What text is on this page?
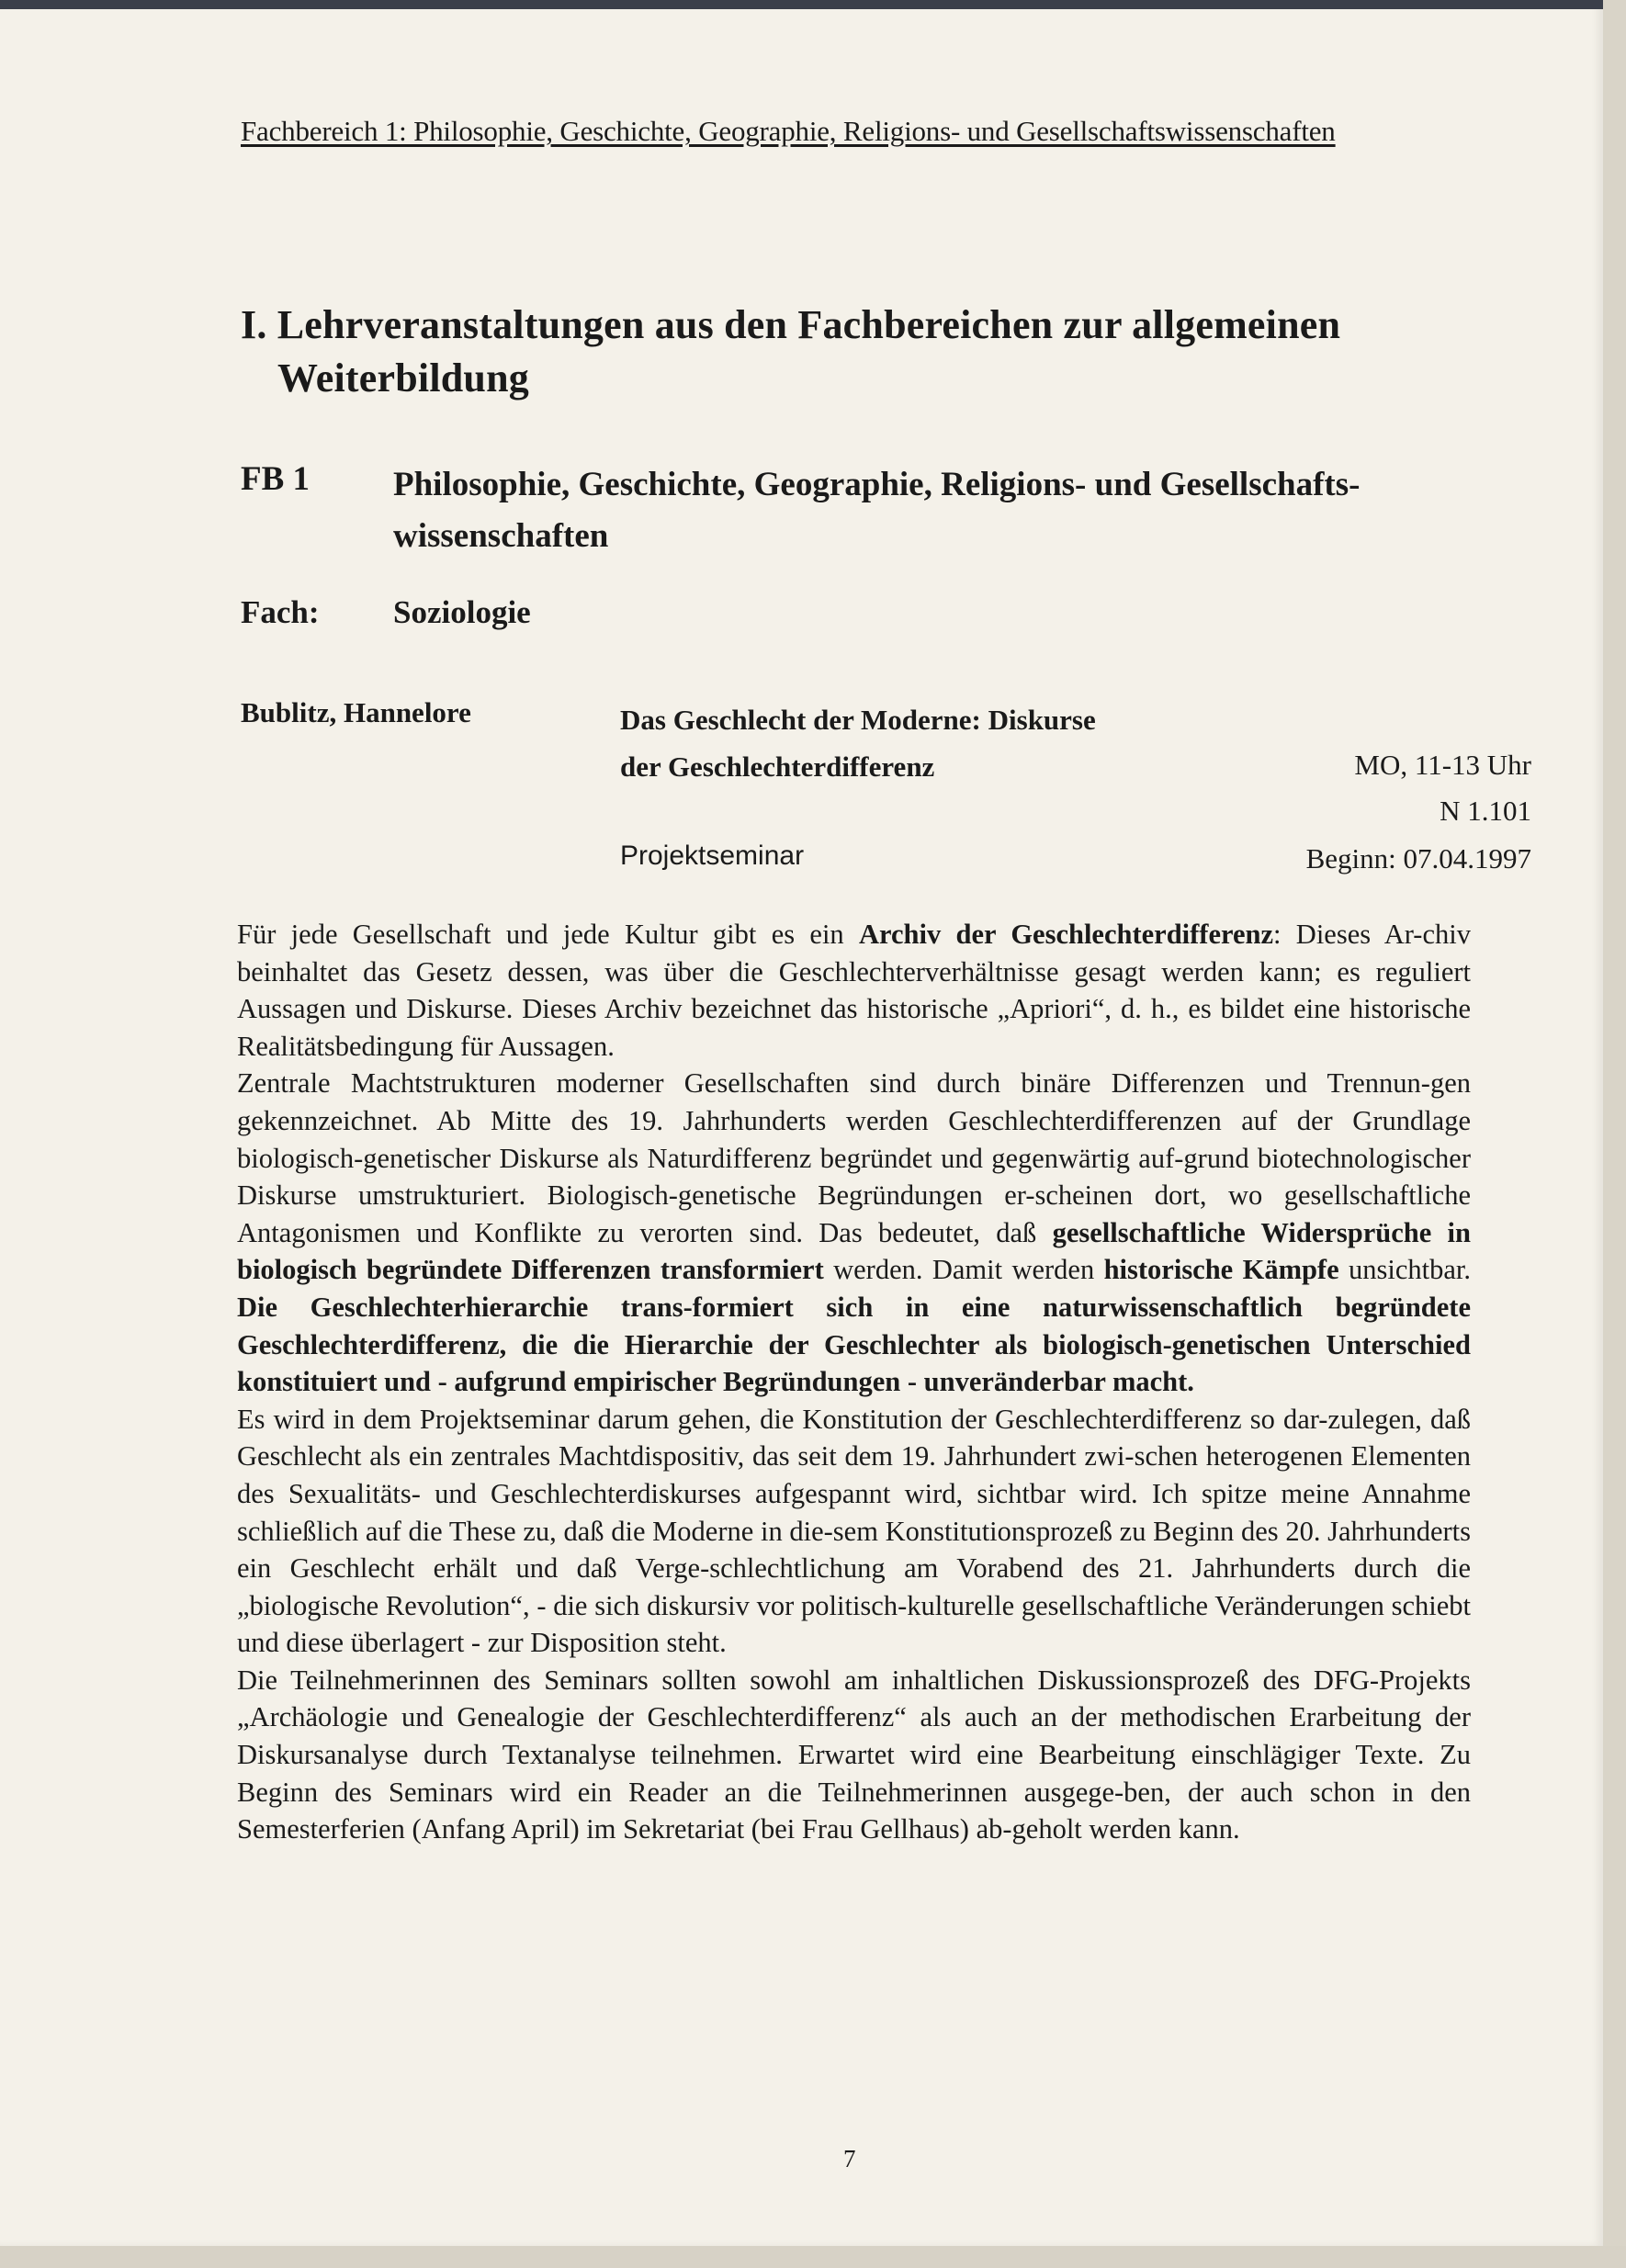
Fachbereich 1: Philosophie, Geschichte, Geographie, Religions- und Gesellschaftswissenschaften
I. Lehrveranstaltungen aus den Fachbereichen zur allgemeinen
Weiterbildung
FB 1 Philosophie, Geschichte, Geographie, Religions- und Gesellschafts-
wissenschaften
Fach: Soziologie
Bublitz, Hannelore	Das Geschlecht der Moderne: Diskurse
der Geschlechterdifferenz
Projektseminar
MO, 11-13 Uhr
N 1.101
Beginn: 07.04.1997

Für jede Gesellschaft und jede Kultur gibt es ein Archiv der Geschlechterdifferenz: Dieses Ar-chiv beinhaltet das Gesetz dessen, was über die Geschlechterverhältnisse gesagt werden kann; es reguliert Aussagen und Diskurse. Dieses Archiv bezeichnet das historische „Apriori“, d. h., es bildet eine historische Realitätsbedingung für Aussagen.

Zentrale Machtstrukturen moderner Gesellschaften sind durch binäre Differenzen und Trennun-gen gekennzeichnet. Ab Mitte des 19. Jahrhunderts werden Geschlechterdifferenzen auf der Grundlage biologisch-genetischer Diskurse als Naturdifferenz begründet und gegenwärtig auf-grund biotechnologischer Diskurse umstrukturiert. Biologisch-genetische Begründungen er-scheinen dort, wo gesellschaftliche Antagonismen und Konflikte zu verorten sind. Das bedeutet, daß gesellschaftliche Widersprüche in biologisch begründete Differenzen transformiert werden. Damit werden historische Kämpfe unsichtbar. Die Geschlechterhierarchie trans-formiert sich in eine naturwissenschaftlich begründete Geschlechterdifferenz, die die Hierarchie der Geschlechter als biologisch-genetischen Unterschied konstituiert und - aufgrund empirischer Begründungen - unveränderbar macht.

Es wird in dem Projektseminar darum gehen, die Konstitution der Geschlechterdifferenz so dar-zulegen, daß Geschlecht als ein zentrales Machtdispositiv, das seit dem 19. Jahrhundert zwi-schen heterogenen Elementen des Sexualitäts- und Geschlechterdiskurses aufgespannt wird, sichtbar wird. Ich spitze meine Annahme schließlich auf die These zu, daß die Moderne in die-sem Konstitutionsprozeß zu Beginn des 20. Jahrhunderts ein Geschlecht erhält und daß Verge-schlechtlichung am Vorabend des 21. Jahrhunderts durch die „biologische Revolution“, - die sich diskursiv vor politisch-kulturelle gesellschaftliche Veränderungen schiebt und diese überlagert - zur Disposition steht.

Die Teilnehmerinnen des Seminars sollten sowohl am inhaltlichen Diskussionsprozeß des DFG-Projekts „Archäologie und Genealogie der Geschlechterdifferenz“ als auch an der methodischen Erarbeitung der Diskursanalyse durch Textanalyse teilnehmen. Erwartet wird eine Bearbeitung einschlägiger Texte. Zu Beginn des Seminars wird ein Reader an die Teilnehmerinnen ausgege-ben, der auch schon in den Semesterferien (Anfang April) im Sekretariat (bei Frau Gellhaus) ab-geholt werden kann.

7
